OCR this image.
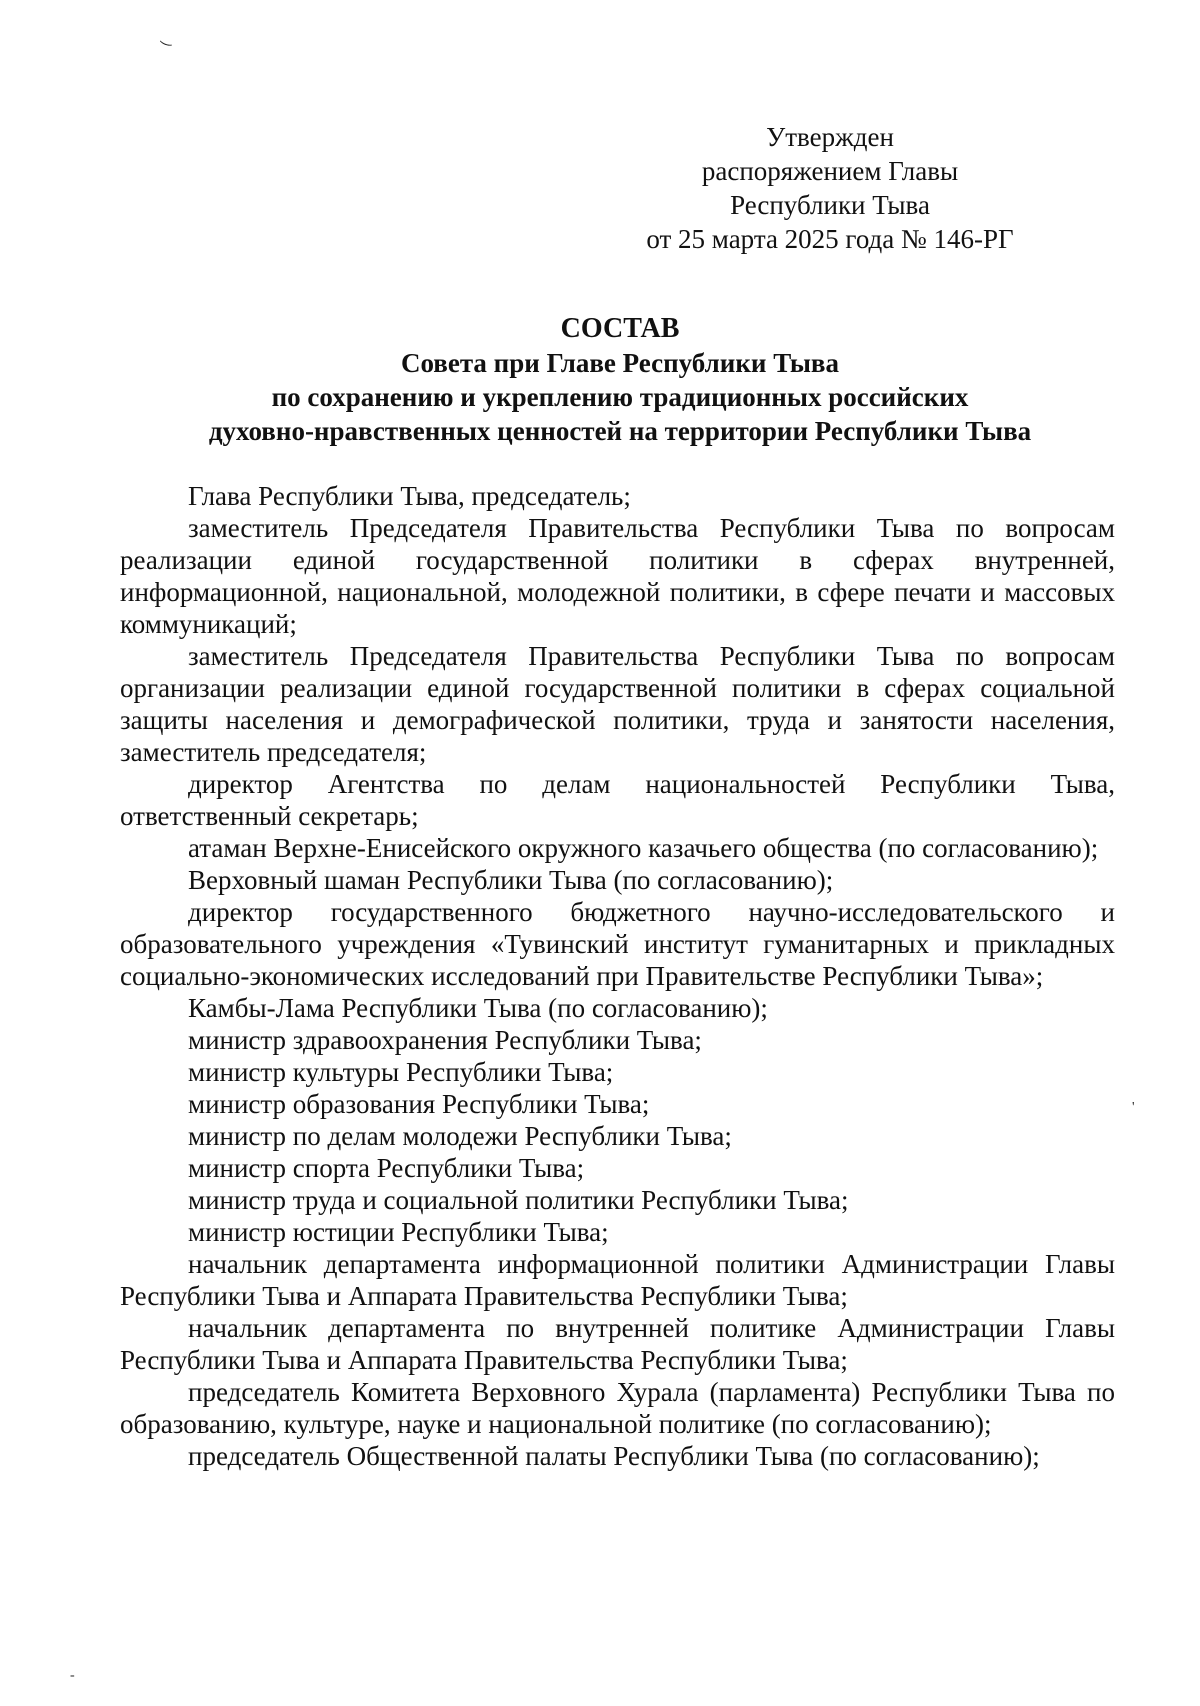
‿
Утвержден
распоряжением Главы
Республики Тыва
от 25 марта 2025 года № 146-РГ
СОСТАВ
Совета при Главе Республики Тыва
по сохранению и укреплению традиционных российских
духовно-нравственных ценностей на территории Республики Тыва

Глава Республики Тыва, председатель;

заместитель Председателя Правительства Республики Тыва по вопросам реализации единой государственной политики в сферах внутренней, информационной, национальной, молодежной политики, в сфере печати и массовых коммуникаций;

заместитель Председателя Правительства Республики Тыва по вопросам организации реализации единой государственной политики в сферах социальной защиты населения и демографической политики, труда и занятости населения, заместитель председателя;

директор Агентства по делам национальностей Республики Тыва, ответственный секретарь;

атаман Верхне-Енисейского окружного казачьего общества (по согласованию);

Верховный шаман Республики Тыва (по согласованию);

директор государственного бюджетного научно-исследовательского и образовательного учреждения «Тувинский институт гуманитарных и прикладных социально-экономических исследований при Правительстве Республики Тыва»;

Камбы-Лама Республики Тыва (по согласованию);

министр здравоохранения Республики Тыва;

министр культуры Республики Тыва;

министр образования Республики Тыва;

министр по делам молодежи Республики Тыва;

министр спорта Республики Тыва;

министр труда и социальной политики Республики Тыва;

министр юстиции Республики Тыва;

начальник департамента информационной политики Администрации Главы Республики Тыва и Аппарата Правительства Республики Тыва;

начальник департамента по внутренней политике Администрации Главы Республики Тыва и Аппарата Правительства Республики Тыва;

председатель Комитета Верховного Хурала (парламента) Республики Тыва по образованию, культуре, науке и национальной политике (по согласованию);

председатель Общественной палаты Республики Тыва (по согласованию);

'
-
